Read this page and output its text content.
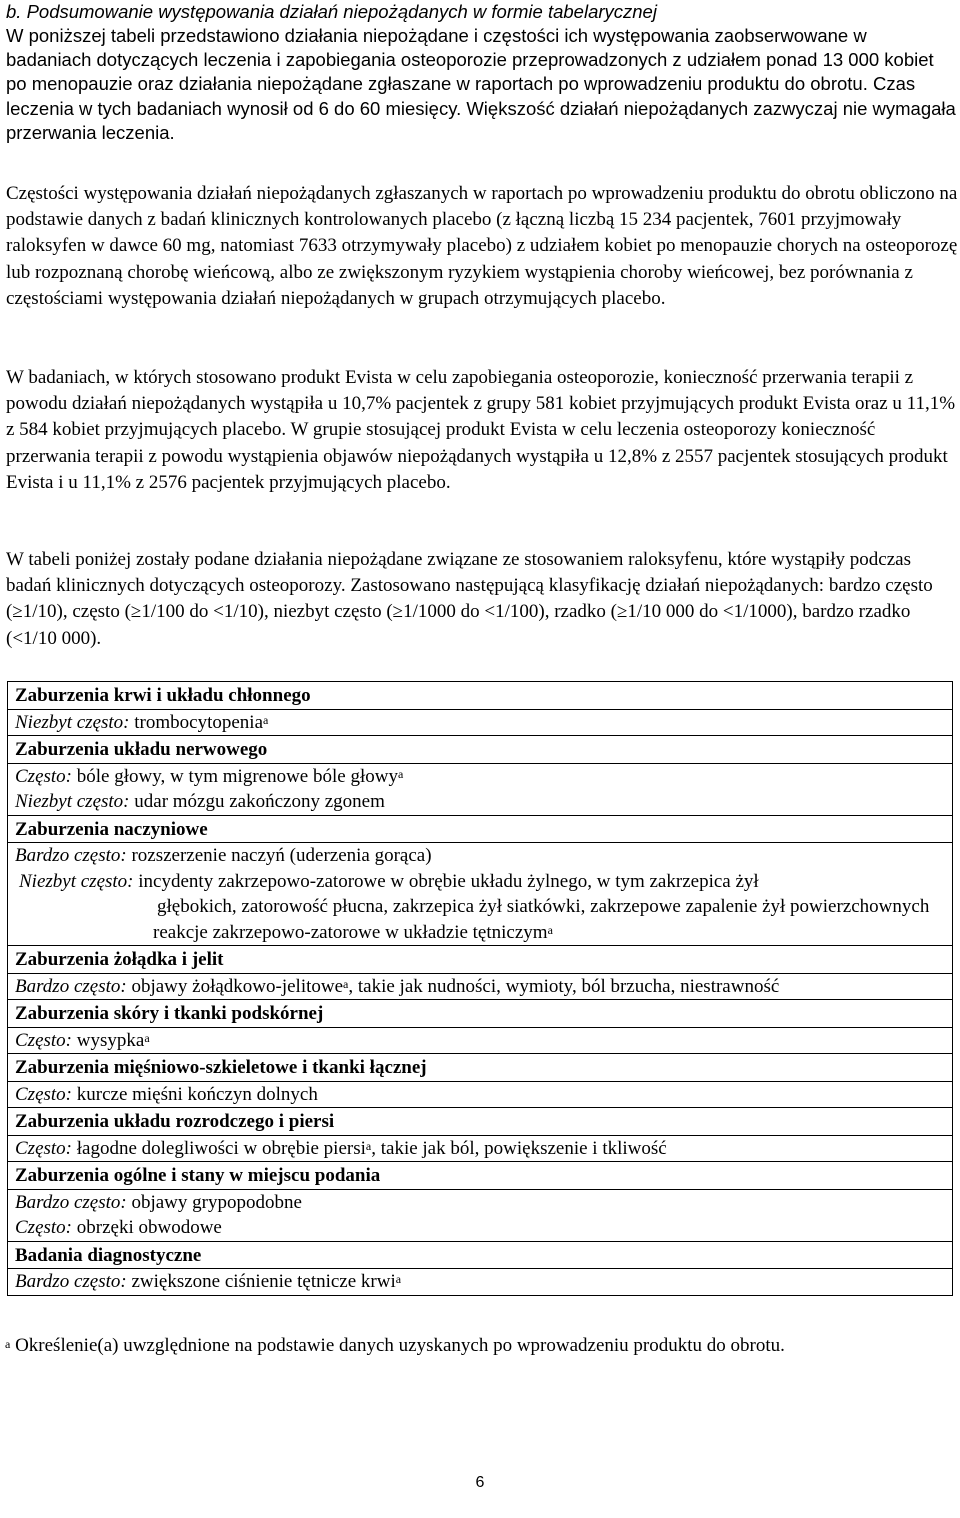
b. Podsumowanie występowania działań niepożądanych w formie tabelarycznej
W poniższej tabeli przedstawiono działania niepożądane i częstości ich występowania zaobserwowane w badaniach dotyczących leczenia i zapobiegania osteoporozie przeprowadzonych z udziałem ponad 13 000 kobiet po menopauzie oraz działania niepożądane zgłaszane w raportach po wprowadzeniu produktu do obrotu. Czas leczenia w tych badaniach wynosił od 6 do 60 miesięcy. Większość działań niepożądanych zazwyczaj nie wymagała przerwania leczenia.

Częstości występowania działań niepożądanych zgłaszanych w raportach po wprowadzeniu produktu do obrotu obliczono na podstawie danych z badań klinicznych kontrolowanych placebo (z łączną liczbą 15 234 pacjentek, 7601 przyjmowały raloksyfen w dawce 60 mg, natomiast 7633 otrzymywały placebo) z udziałem kobiet po menopauzie chorych na osteoporozę lub rozpoznaną chorobę wieńcową, albo ze zwiększonym ryzykiem wystąpienia choroby wieńcowej, bez porównania z częstościami występowania działań niepożądanych w grupach otrzymujących placebo.

W badaniach, w których stosowano produkt Evista w celu zapobiegania osteoporozie, konieczność przerwania terapii z powodu działań niepożądanych wystąpiła u 10,7% pacjentek z grupy 581 kobiet przyjmujących produkt Evista oraz u 11,1% z 584 kobiet przyjmujących placebo. W grupie stosującej produkt Evista w celu leczenia osteoporozy konieczność przerwania terapii z powodu wystąpienia objawów niepożądanych wystąpiła u 12,8% z 2557 pacjentek stosujących produkt Evista i u 11,1% z 2576 pacjentek przyjmujących placebo.

W tabeli poniżej zostały podane działania niepożądane związane ze stosowaniem raloksyfenu, które wystąpiły podczas badań klinicznych dotyczących osteoporozy. Zastosowano następującą klasyfikację działań niepożądanych: bardzo często (≥1/10), często (≥1/100 do <1/10), niezbyt często (≥1/1000 do <1/100), rzadko (≥1/10 000 do <1/1000), bardzo rzadko (<1/10 000).

Zaburzenia krwi i układu chłonnego

Niezbyt często: trombocytopenia$^a$

Zaburzenia układu nerwowego

Często: bóle głowy, w tym migrenowe bóle głowy$^a$
Niezbyt często: udar mózgu zakończony zgonem

Zaburzenia naczyniowe

Bardzo często: rozszerzenie naczyń (uderzenia gorąca)
Niezbyt często: incydenty zakrzepowo-zatorowe w obrębie układu żylnego, w tym zakrzepica żył
głębokich, zatorowość płucna, zakrzepica żył siatkówki, zakrzepowe zapalenie żył powierzchownych
reakcje zakrzepowo-zatorowe w układzie tętniczym$^a$

Zaburzenia żołądka i jelit

Bardzo często: objawy żołądkowo-jelitowe$^a$, takie jak nudności, wymioty, ból brzucha, niestrawność

Zaburzenia skóry i tkanki podskórnej

Często: wysypka$^a$

Zaburzenia mięśniowo-szkieletowe i tkanki łącznej

Często: kurcze mięśni kończyn dolnych

Zaburzenia układu rozrodczego i piersi

Często: łagodne dolegliwości w obrębie piersi$^a$, takie jak ból, powiększenie i tkliwość

Zaburzenia ogólne i stany w miejscu podania

Bardzo często: objawy grypopodobne
Często: obrzęki obwodowe

Badania diagnostyczne

Bardzo często: zwiększone ciśnienie tętnicze krwi$^a$
$^a$ Określenie(a) uwzględnione na podstawie danych uzyskanych po wprowadzeniu produktu do obrotu.
6
